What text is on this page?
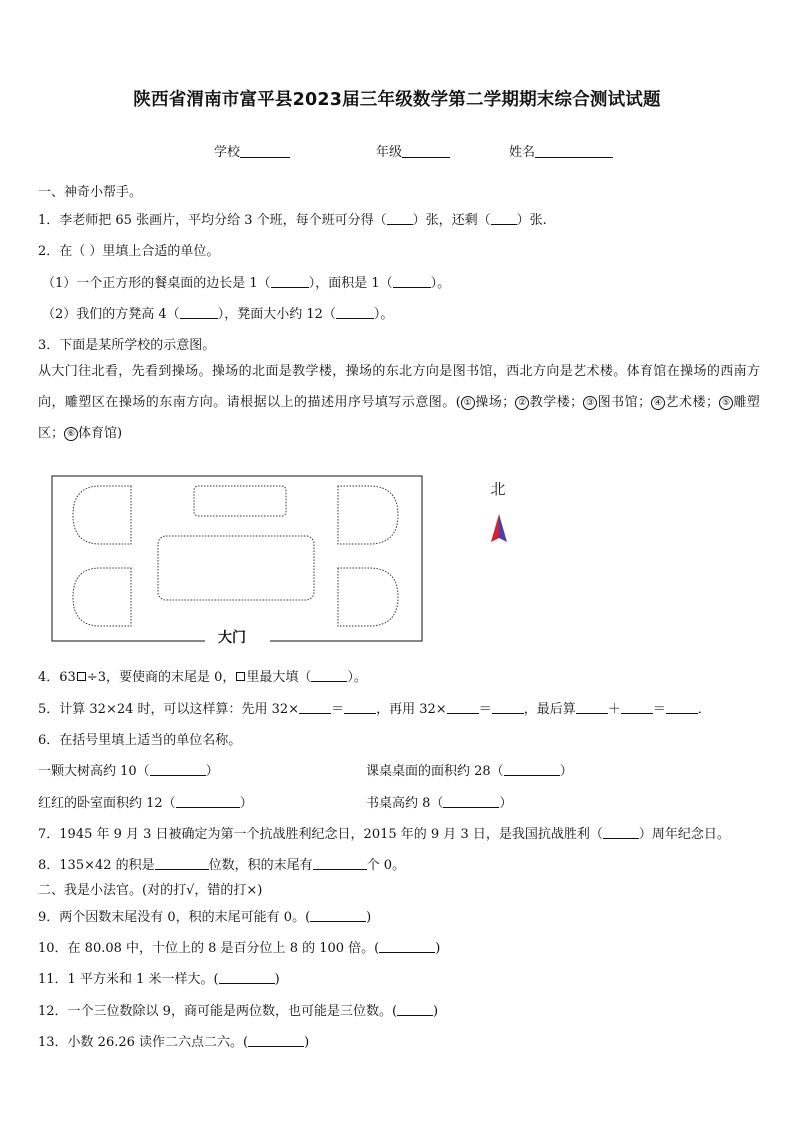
陕西省渭南市富平县2023届三年级数学第二学期期末综合测试试题
学校	年级	姓名
一、神奇小帮手。
1．李老师把 65 张画片，平均分给 3 个班，每个班可分得（ ）张，还剩（ ）张.
2．在（ ）里填上合适的单位。
（1）一个正方形的餐桌面的边长是 1（	），面积是 1（	）。
（2）我们的方凳高 4（	），凳面大小约 12（	）。
3．下面是某所学校的示意图。
从大门往北看，先看到操场。操场的北面是教学楼，操场的东北方向是图书馆，西北方向是艺术楼。体育馆在操场的西南方向，雕塑区在操场的东南方向。请根据以上的描述用序号填写示意图。( ① 操场； ② 教学楼； ③ 图书馆； ④ 艺术楼； ⑤ 雕塑区； ⑥ 体育馆)
大门
北
4．63 ÷3，要使商的末尾是 0， 里最大填（	）。
5．计算 32×24 时，可以这样算：先用 32× ＝ ，再用 32× ＝ ，最后算 ＋ ＝ ．
6．在括号里填上适当的单位名称。
一颗大树高约 10（	）	课桌桌面的面积约 28（	）
红红的卧室面积约 12（	）	书桌高约 8（	）
7．1945 年 9 月 3 日被确定为第一个抗战胜利纪念日，2015 年的 9 月 3 日，是我国抗战胜利（	）周年纪念日。
8．135×42 的积是	位数，积的末尾有	个 0。
二、我是小法官。(对的打√，错的打×)
9．两个因数末尾没有 0，积的末尾可能有 0。(	)
10．在 80.08 中，十位上的 8 是百分位上 8 的 100 倍。(	)
11．1 平方米和 1 米一样大。(	)
12．一个三位数除以 9，商可能是两位数，也可能是三位数。(	)
13．小数 26.26 读作二六点二六。(	)
